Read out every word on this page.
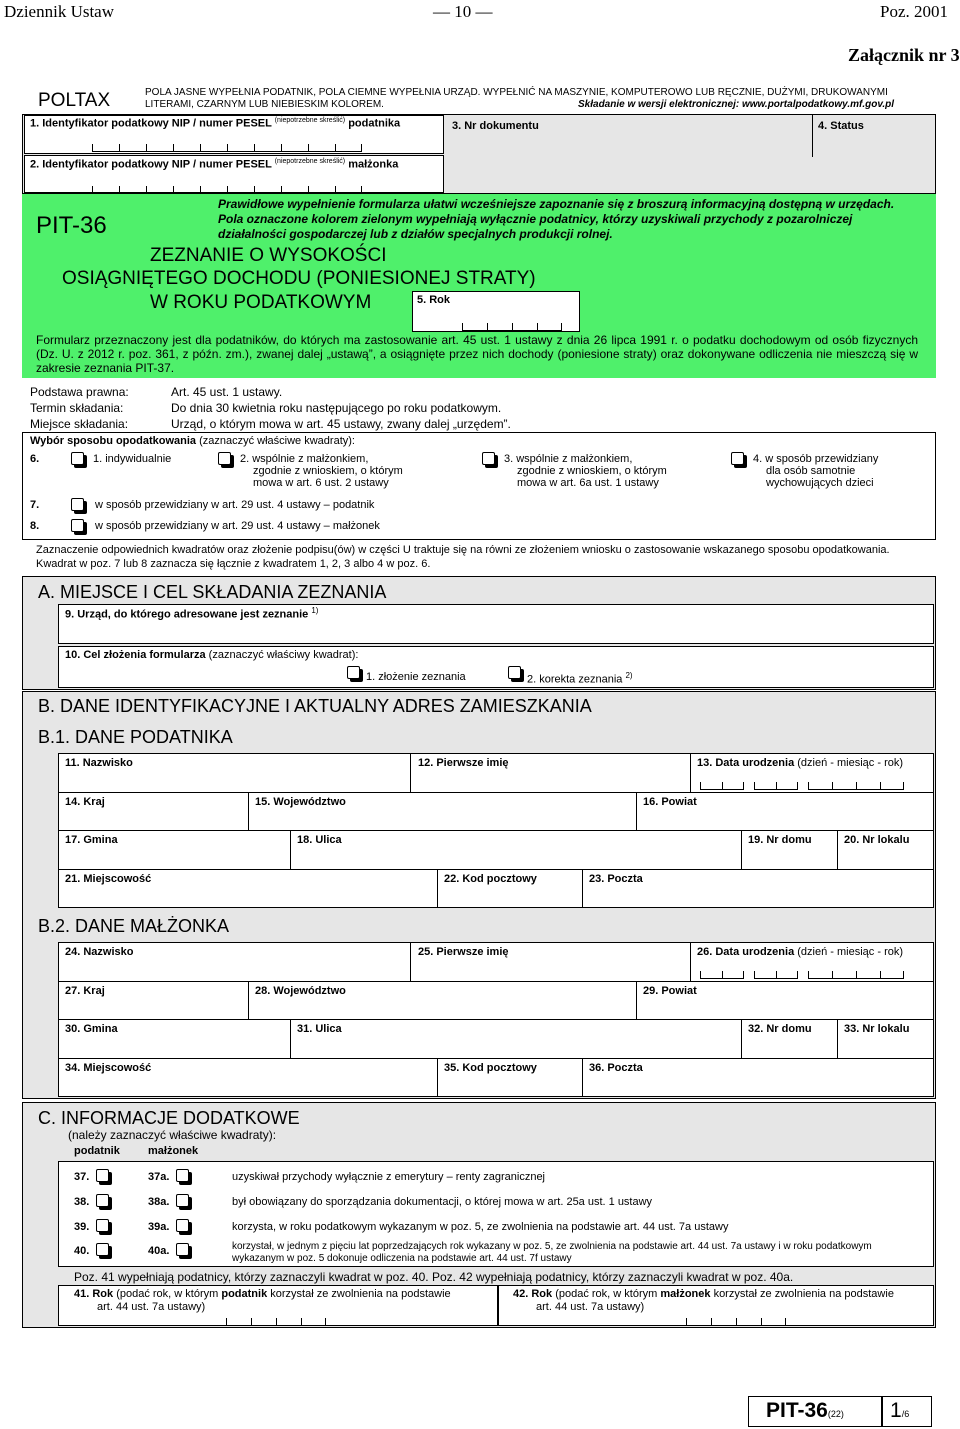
Dziennik Ustaw	— 10 —	Poz. 2001
Załącznik nr 3
POLTAX	POLA JASNE WYPEŁNIA PODATNIK, POLA CIEMNE WYPEŁNIA URZĄD. WYPEŁNIĆ NA MASZYNIE, KOMPUTEROWO LUB RĘCZNIE, DUŻYMI, DRUKOWANYMI
LITERAMI, CZARNYM LUB NIEBIESKIM KOLOREM.	Składanie w wersji elektronicznej: www.portalpodatkowy.mf.gov.pl
1. Identyfikator podatkowy NIP / numer PESEL $^{(niepotrzebne skreślić)}$ podatnika
2. Identyfikator podatkowy NIP / numer PESEL $^{(niepotrzebne skreślić)}$ małżonka
3. Nr dokumentu	4. Status
PIT-36
Prawidłowe wypełnienie formularza ułatwi wcześniejsze zapoznanie się z broszurą informacyjną dostępną w urzędach. Pola oznaczone kolorem zielonym wypełniają wyłącznie podatnicy, którzy uzyskiwali przychody z pozarolniczej działalności gospodarczej lub z działów specjalnych produkcji rolnej.
ZEZNANIE O WYSOKOŚCI
OSIĄGNIĘTEGO DOCHODU (PONIESIONEJ STRATY)
W ROKU PODATKOWYM	5. Rok
Formularz przeznaczony jest dla podatników, do których ma zastosowanie art. 45 ust. 1 ustawy z dnia 26 lipca 1991 r. o podatku dochodowym od osób fizycznych (Dz. U. z 2012 r. poz. 361, z późn. zm.), zwanej dalej „ustawą”, a osiągnięte przez nich dochody (poniesione straty) oraz dokonywane odliczenia nie mieszczą się w zakresie zeznania PIT-37.
Podstawa prawna:	Art. 45 ust. 1 ustawy.
Termin składania:	Do dnia 30 kwietnia roku następującego po roku podatkowym.
Miejsce składania:	Urząd, o którym mowa w art. 45 ustawy, zwany dalej „urzędem”.
Wybór sposobu opodatkowania (zaznaczyć właściwe kwadraty):
6.	1. indywidualnie	2. wspólnie z małżonkiem,
zgodnie z wnioskiem, o którym
mowa w art. 6 ust. 2 ustawy
3. wspólnie z małżonkiem,
zgodnie z wnioskiem, o którym
mowa w art. 6a ust. 1 ustawy
4. w sposób przewidziany
dla osób samotnie
wychowujących dzieci
7.	w sposób przewidziany w art. 29 ust. 4 ustawy – podatnik
8.	w sposób przewidziany w art. 29 ust. 4 ustawy – małżonek
Zaznaczenie odpowiednich kwadratów oraz złożenie podpisu(ów) w części U traktuje się na równi ze złożeniem wniosku o zastosowanie wskazanego sposobu opodatkowania. Kwadrat w poz. 7 lub 8 zaznacza się łącznie z kwadratem 1, 2, 3 albo 4 w poz. 6.
A. MIEJSCE I CEL SKŁADANIA ZEZNANIA
9. Urząd, do którego adresowane jest zeznanie $^{1)}$
10. Cel złożenia formularza (zaznaczyć właściwy kwadrat):
1. złożenie zeznania	2. korekta zeznania $^{2)}$
B. DANE IDENTYFIKACYJNE I AKTUALNY ADRES ZAMIESZKANIA
B.1. DANE PODATNIKA
11. Nazwisko	12. Pierwsze imię	13. Data urodzenia (dzień - miesiąc - rok)
14. Kraj	15. Województwo	16. Powiat
17. Gmina	18. Ulica	19. Nr domu	20. Nr lokalu
21. Miejscowość	22. Kod pocztowy	23. Poczta
B.2. DANE MAŁŻONKA
24. Nazwisko	25. Pierwsze imię	26. Data urodzenia (dzień - miesiąc - rok)
27. Kraj	28. Województwo	29. Powiat
30. Gmina	31. Ulica	32. Nr domu	33. Nr lokalu
34. Miejscowość	35. Kod pocztowy	36. Poczta
C. INFORMACJE DODATKOWE
(należy zaznaczyć właściwe kwadraty):
podatnik	małżonek
37.	37a.	uzyskiwał przychody wyłącznie z emerytury – renty zagranicznej
38.	38a.	był obowiązany do sporządzania dokumentacji, o której mowa w art. 25a ust. 1 ustawy
39.	39a.	korzysta, w roku podatkowym wykazanym w poz. 5, ze zwolnienia na podstawie art. 44 ust. 7a ustawy
40.	40a.	korzystał, w jednym z pięciu lat poprzedzających rok wykazany w poz. 5, ze zwolnienia na podstawie art. 44 ust. 7a ustawy i w roku podatkowym wykazanym w poz. 5 dokonuje odliczenia na podstawie art. 44 ust. 7f ustawy
Poz. 41 wypełniają podatnicy, którzy zaznaczyli kwadrat w poz. 40. Poz. 42 wypełniają podatnicy, którzy zaznaczyli kwadrat w poz. 40a.
41. Rok (podać rok, w którym podatnik korzystał ze zwolnienia na podstawie
art. 44 ust. 7a ustawy)
42. Rok (podać rok, w którym małżonek korzystał ze zwolnienia na podstawie
art. 44 ust. 7a ustawy)
PIT-36(22) 1/6
